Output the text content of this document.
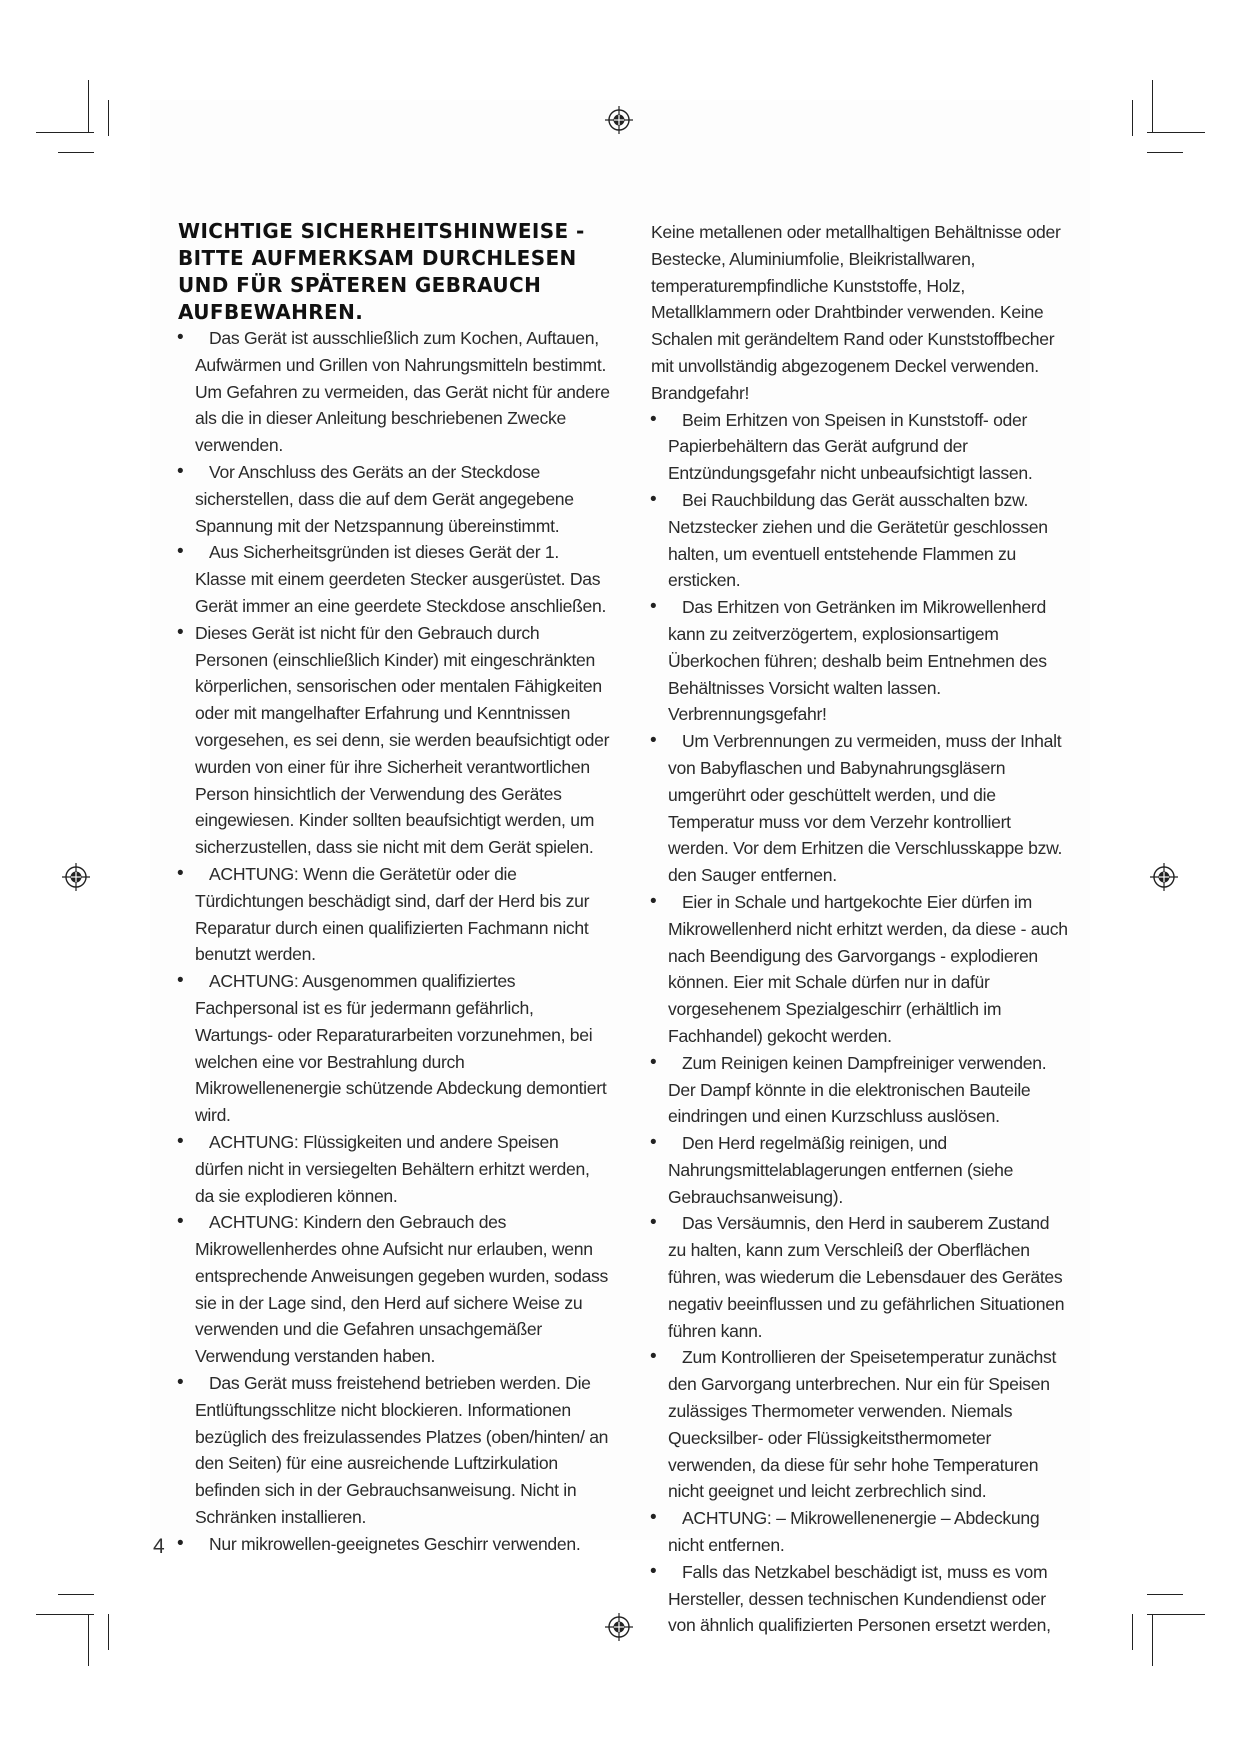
WICHTIGE SICHERHEITSHINWEISE - BITTE AUFMERKSAM DURCHLESEN UND FÜR SPÄTEREN GEBRAUCH AUFBEWAHREN.

• Das Gerät ist ausschließlich zum Kochen, Auftauen, Aufwärmen und Grillen von Nahrungsmitteln bestimmt. Um Gefahren zu vermeiden, das Gerät nicht für andere als die in dieser Anleitung beschriebenen Zwecke verwenden.

• Vor Anschluss des Geräts an der Steckdose sicherstellen, dass die auf dem Gerät angegebene Spannung mit der Netzspannung übereinstimmt.

• Aus Sicherheitsgründen ist dieses Gerät der 1. Klasse mit einem geerdeten Stecker ausgerüstet. Das Gerät immer an eine geerdete Steckdose anschließen.

• Dieses Gerät ist nicht für den Gebrauch durch Personen (einschließlich Kinder) mit eingeschränkten körperlichen, sensorischen oder mentalen Fähigkeiten oder mit mangelhafter Erfahrung und Kenntnissen vorgesehen, es sei denn, sie werden beaufsichtigt oder wurden von einer für ihre Sicherheit verantwortlichen Person hinsichtlich der Verwendung des Gerätes eingewiesen. Kinder sollten beaufsichtigt werden, um sicherzustellen, dass sie nicht mit dem Gerät spielen.

• ACHTUNG: Wenn die Gerätetür oder die Türdichtungen beschädigt sind, darf der Herd bis zur Reparatur durch einen qualifizierten Fachmann nicht benutzt werden.

• ACHTUNG: Ausgenommen qualifiziertes Fachpersonal ist es für jedermann gefährlich, Wartungs- oder Reparaturarbeiten vorzunehmen, bei welchen eine vor Bestrahlung durch Mikrowellenenergie schützende Abdeckung demontiert wird.

• ACHTUNG: Flüssigkeiten und andere Speisen dürfen nicht in versiegelten Behältern erhitzt werden, da sie explodieren können.

• ACHTUNG: Kindern den Gebrauch des Mikrowellenherdes ohne Aufsicht nur erlauben, wenn entsprechende Anweisungen gegeben wurden, sodass sie in der Lage sind, den Herd auf sichere Weise zu verwenden und die Gefahren unsachgemäßer Verwendung verstanden haben.

• Das Gerät muss freistehend betrieben werden. Die Entlüftungsschlitze nicht blockieren. Informationen bezüglich des freizulassendes Platzes (oben/hinten/ an den Seiten) für eine ausreichende Luftzirkulation befinden sich in der Gebrauchsanweisung. Nicht in Schränken installieren.

• Nur mikrowellen-geeignetes Geschirr verwenden.

Keine metallenen oder metallhaltigen Behältnisse oder Bestecke, Aluminiumfolie, Bleikristallwaren, temperaturempfindliche Kunststoffe, Holz, Metallklammern oder Drahtbinder verwenden. Keine Schalen mit gerändeltem Rand oder Kunststoffbecher mit unvollständig abgezogenem Deckel verwenden. Brandgefahr!

• Beim Erhitzen von Speisen in Kunststoff- oder Papierbehältern das Gerät aufgrund der Entzündungsgefahr nicht unbeaufsichtigt lassen.

• Bei Rauchbildung das Gerät ausschalten bzw. Netzstecker ziehen und die Gerätetür geschlossen halten, um eventuell entstehende Flammen zu ersticken.

• Das Erhitzen von Getränken im Mikrowellenherd kann zu zeitverzögertem, explosionsartigem Überkochen führen; deshalb beim Entnehmen des Behältnisses Vorsicht walten lassen. Verbrennungsgefahr!

• Um Verbrennungen zu vermeiden, muss der Inhalt von Babyflaschen und Babynahrungsgläsern umgerührt oder geschüttelt werden, und die Temperatur muss vor dem Verzehr kontrolliert werden. Vor dem Erhitzen die Verschlusskappe bzw. den Sauger entfernen.

• Eier in Schale und hartgekochte Eier dürfen im Mikrowellenherd nicht erhitzt werden, da diese - auch nach Beendigung des Garvorgangs - explodieren können. Eier mit Schale dürfen nur in dafür vorgesehenem Spezialgeschirr (erhältlich im Fachhandel) gekocht werden.

• Zum Reinigen keinen Dampfreiniger verwenden. Der Dampf könnte in die elektronischen Bauteile eindringen und einen Kurzschluss auslösen.

• Den Herd regelmäßig reinigen, und Nahrungsmittelablagerungen entfernen (siehe Gebrauchsanweisung).

• Das Versäumnis, den Herd in sauberem Zustand zu halten, kann zum Verschleiß der Oberflächen führen, was wiederum die Lebensdauer des Gerätes negativ beeinflussen und zu gefährlichen Situationen führen kann.

• Zum Kontrollieren der Speisetemperatur zunächst den Garvorgang unterbrechen. Nur ein für Speisen zulässiges Thermometer verwenden. Niemals Quecksilber- oder Flüssigkeitsthermometer verwenden, da diese für sehr hohe Temperaturen nicht geeignet und leicht zerbrechlich sind.

• ACHTUNG: – Mikrowellenenergie – Abdeckung nicht entfernen.

• Falls das Netzkabel beschädigt ist, muss es vom Hersteller, dessen technischen Kundendienst oder von ähnlich qualifizierten Personen ersetzt werden,

4
